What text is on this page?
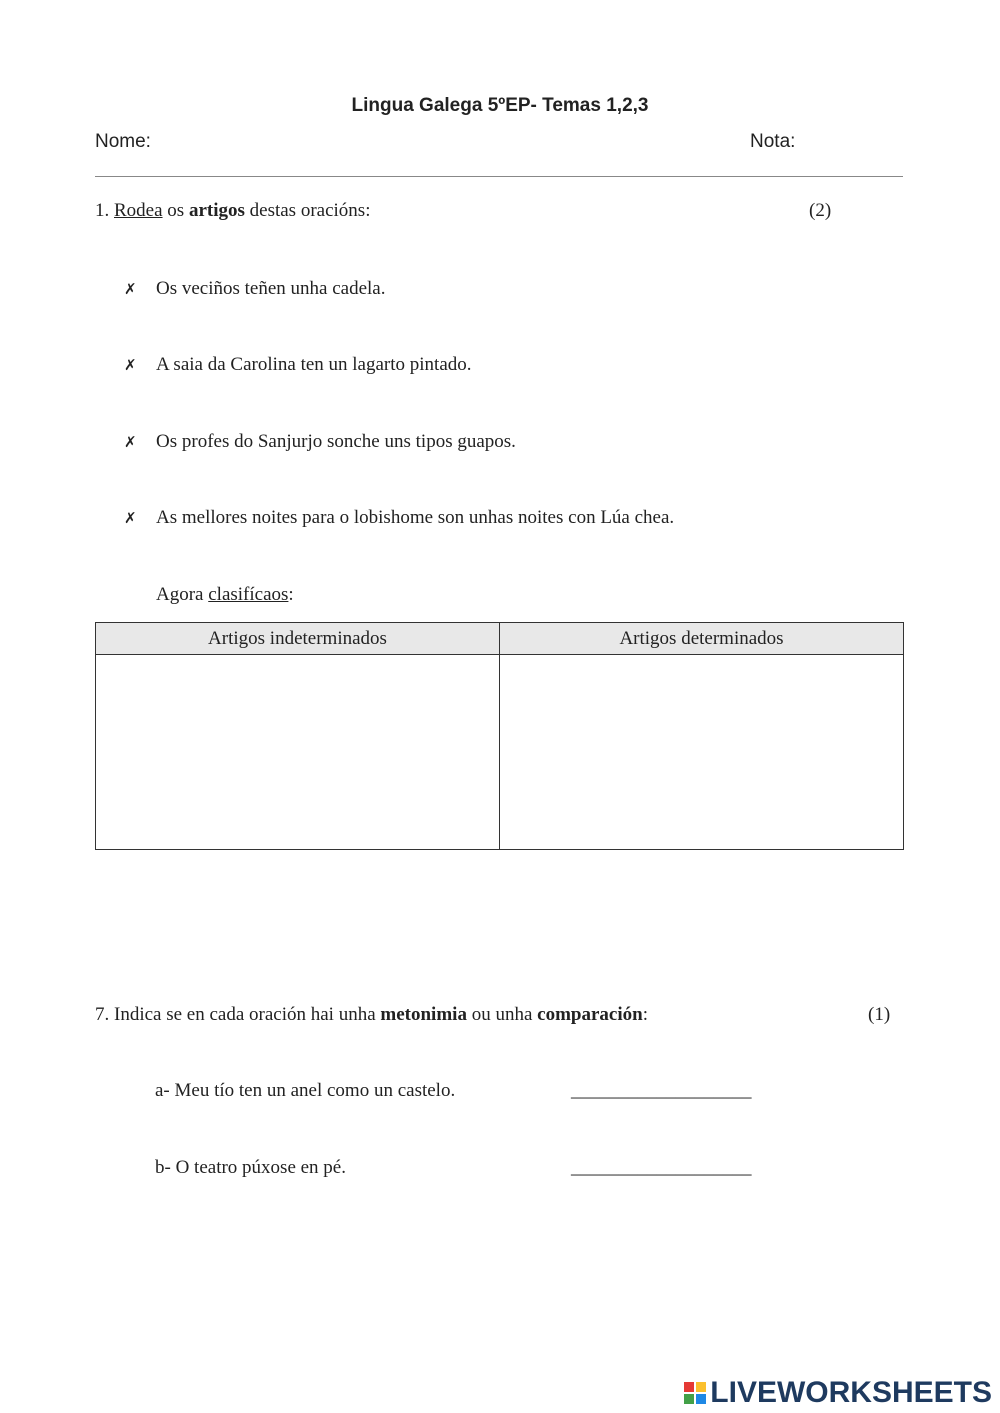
Lingua Galega 5ºEP- Temas 1,2,3
Nome:	Nota:
1. Rodea os artigos destas oracións:	(2)
✗	Os veciños teñen unha cadela.
✗	A saia da Carolina ten un lagarto pintado.
✗	Os profes do Sanjurjo sonche uns tipos guapos.
✗	As mellores noites para o lobishome son unhas noites con Lúa chea.
Agora clasifícaos:
Artigos indeterminados	Artigos determinados

7. Indica se en cada oración hai unha metonimia ou unha comparación:	(1)
a- Meu tío ten un anel como un castelo.	___________________
b- O teatro púxose en pé.	___________________
LIVEWORKSHEETS
